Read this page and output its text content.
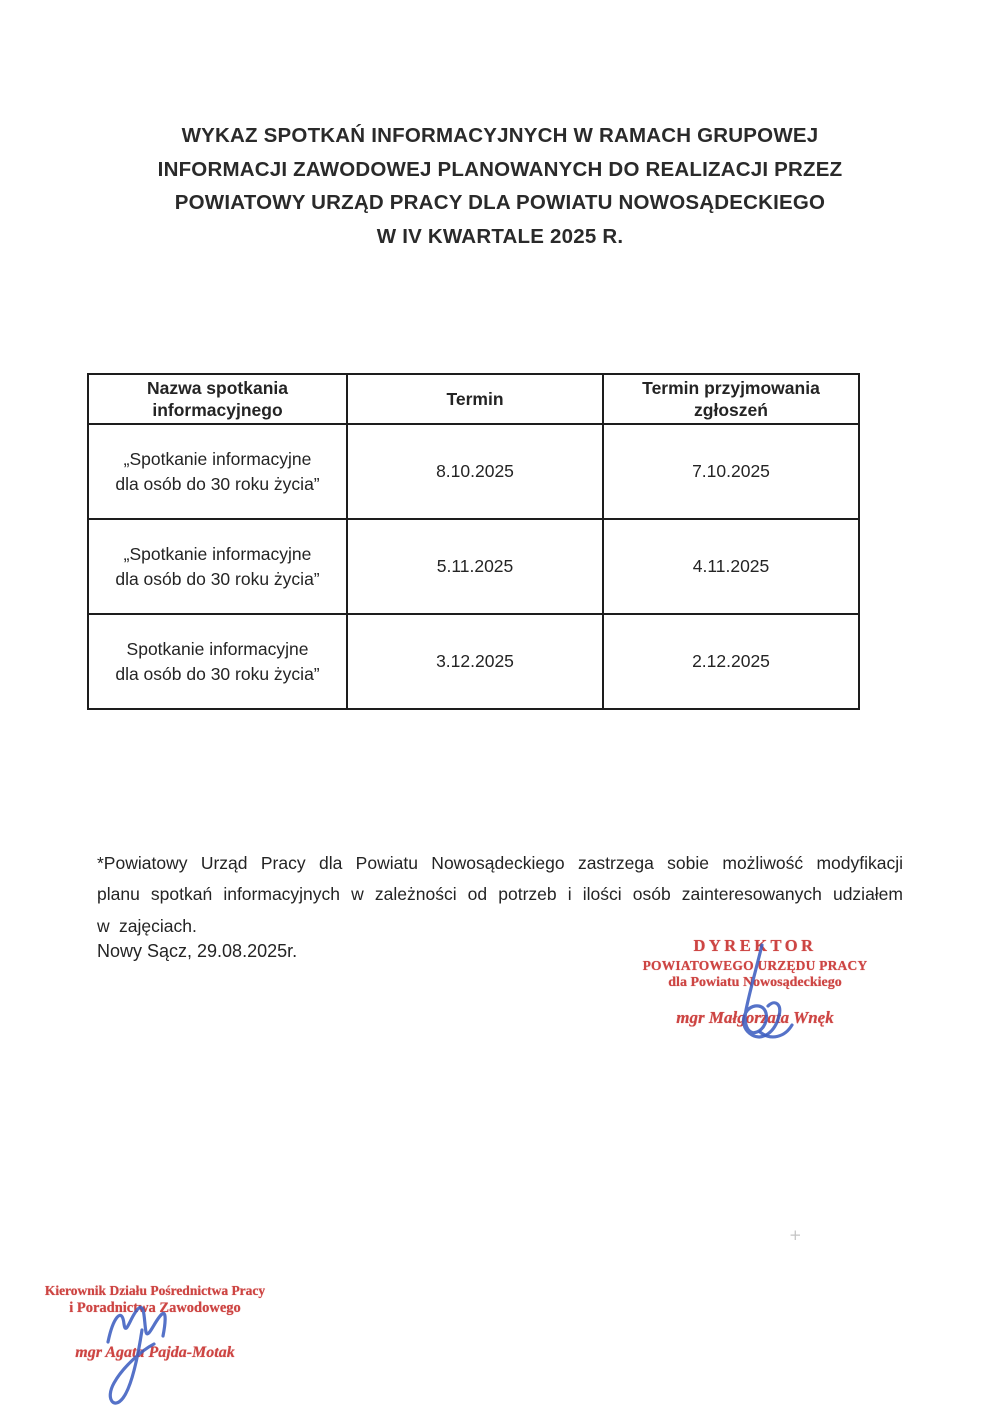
WYKAZ SPOTKAŃ INFORMACYJNYCH W RAMACH GRUPOWEJ
INFORMACJI ZAWODOWEJ PLANOWANYCH DO REALIZACJI PRZEZ
POWIATOWY URZĄD PRACY DLA POWIATU NOWOSĄDECKIEGO
W IV KWARTALE 2025 R.
Nazwa spotkania
informacyjnego	Termin	Termin przyjmowania
zgłoszeń

„Spotkanie informacyjne
dla osób do 30 roku życia”	8.10.2025	7.10.2025

„Spotkanie informacyjne
dla osób do 30 roku życia”	5.11.2025	4.11.2025

Spotkanie informacyjne
dla osób do 30 roku życia”	3.12.2025	2.12.2025

*Powiatowy Urząd Pracy dla Powiatu Nowosądeckiego zastrzega sobie możliwość modyfikacji planu spotkań informacyjnych w zależności od potrzeb i ilości osób zainteresowanych udziałem w zajęciach.

Nowy Sącz, 29.08.2025r.	DYREKTOR
POWIATOWEGO URZĘDU PRACY
dla Powiatu Nowosądeckiego
mgr Małgorzata Wnęk
+
Kierownik Działu Pośrednictwa Pracy
i Poradnictwa Zawodowego
mgr Agata Pajda-Motak
